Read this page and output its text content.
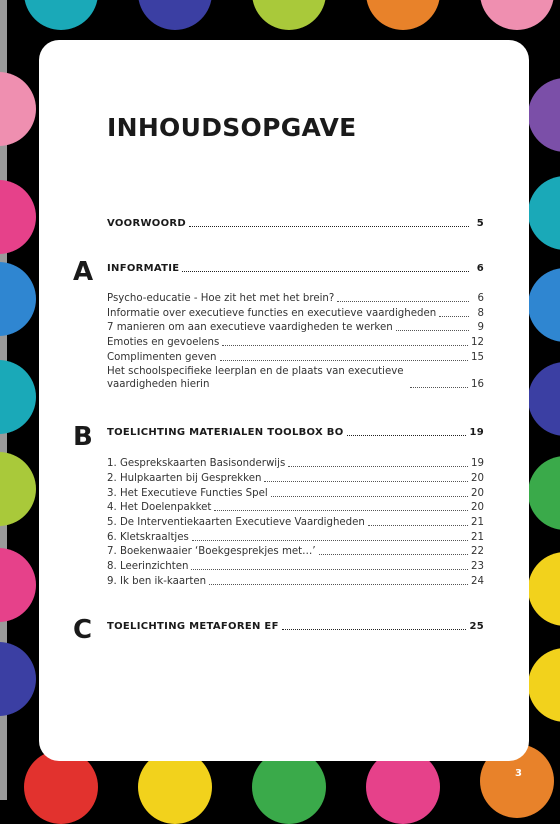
INHOUDSOPGAVE
VOORWOORD	5
A INFORMATIE	6
Psycho-educatie - Hoe zit het met het brein?	6
Informatie over executieve functies en executieve vaardigheden	8
7 manieren om aan executieve vaardigheden te werken	9
Emoties en gevoelens	12
Complimenten geven	15
Het schoolspecifieke leerplan en de plaats van executieve vaardigheden hierin	16
B TOELICHTING MATERIALEN TOOLBOX BO	19
1. Gesprekskaarten Basisonderwijs	19
2. Hulpkaarten bij Gesprekken	20
3. Het Executieve Functies Spel	20
4. Het Doelenpakket	20
5. De Interventiekaarten Executieve Vaardigheden	21
6. Kletskraaltjes	21
7. Boekenwaaier ‘Boekgesprekjes met…’	22
8. Leerinzichten	23
9. Ik ben ik-kaarten	24
C TOELICHTING METAFOREN EF	25
3
